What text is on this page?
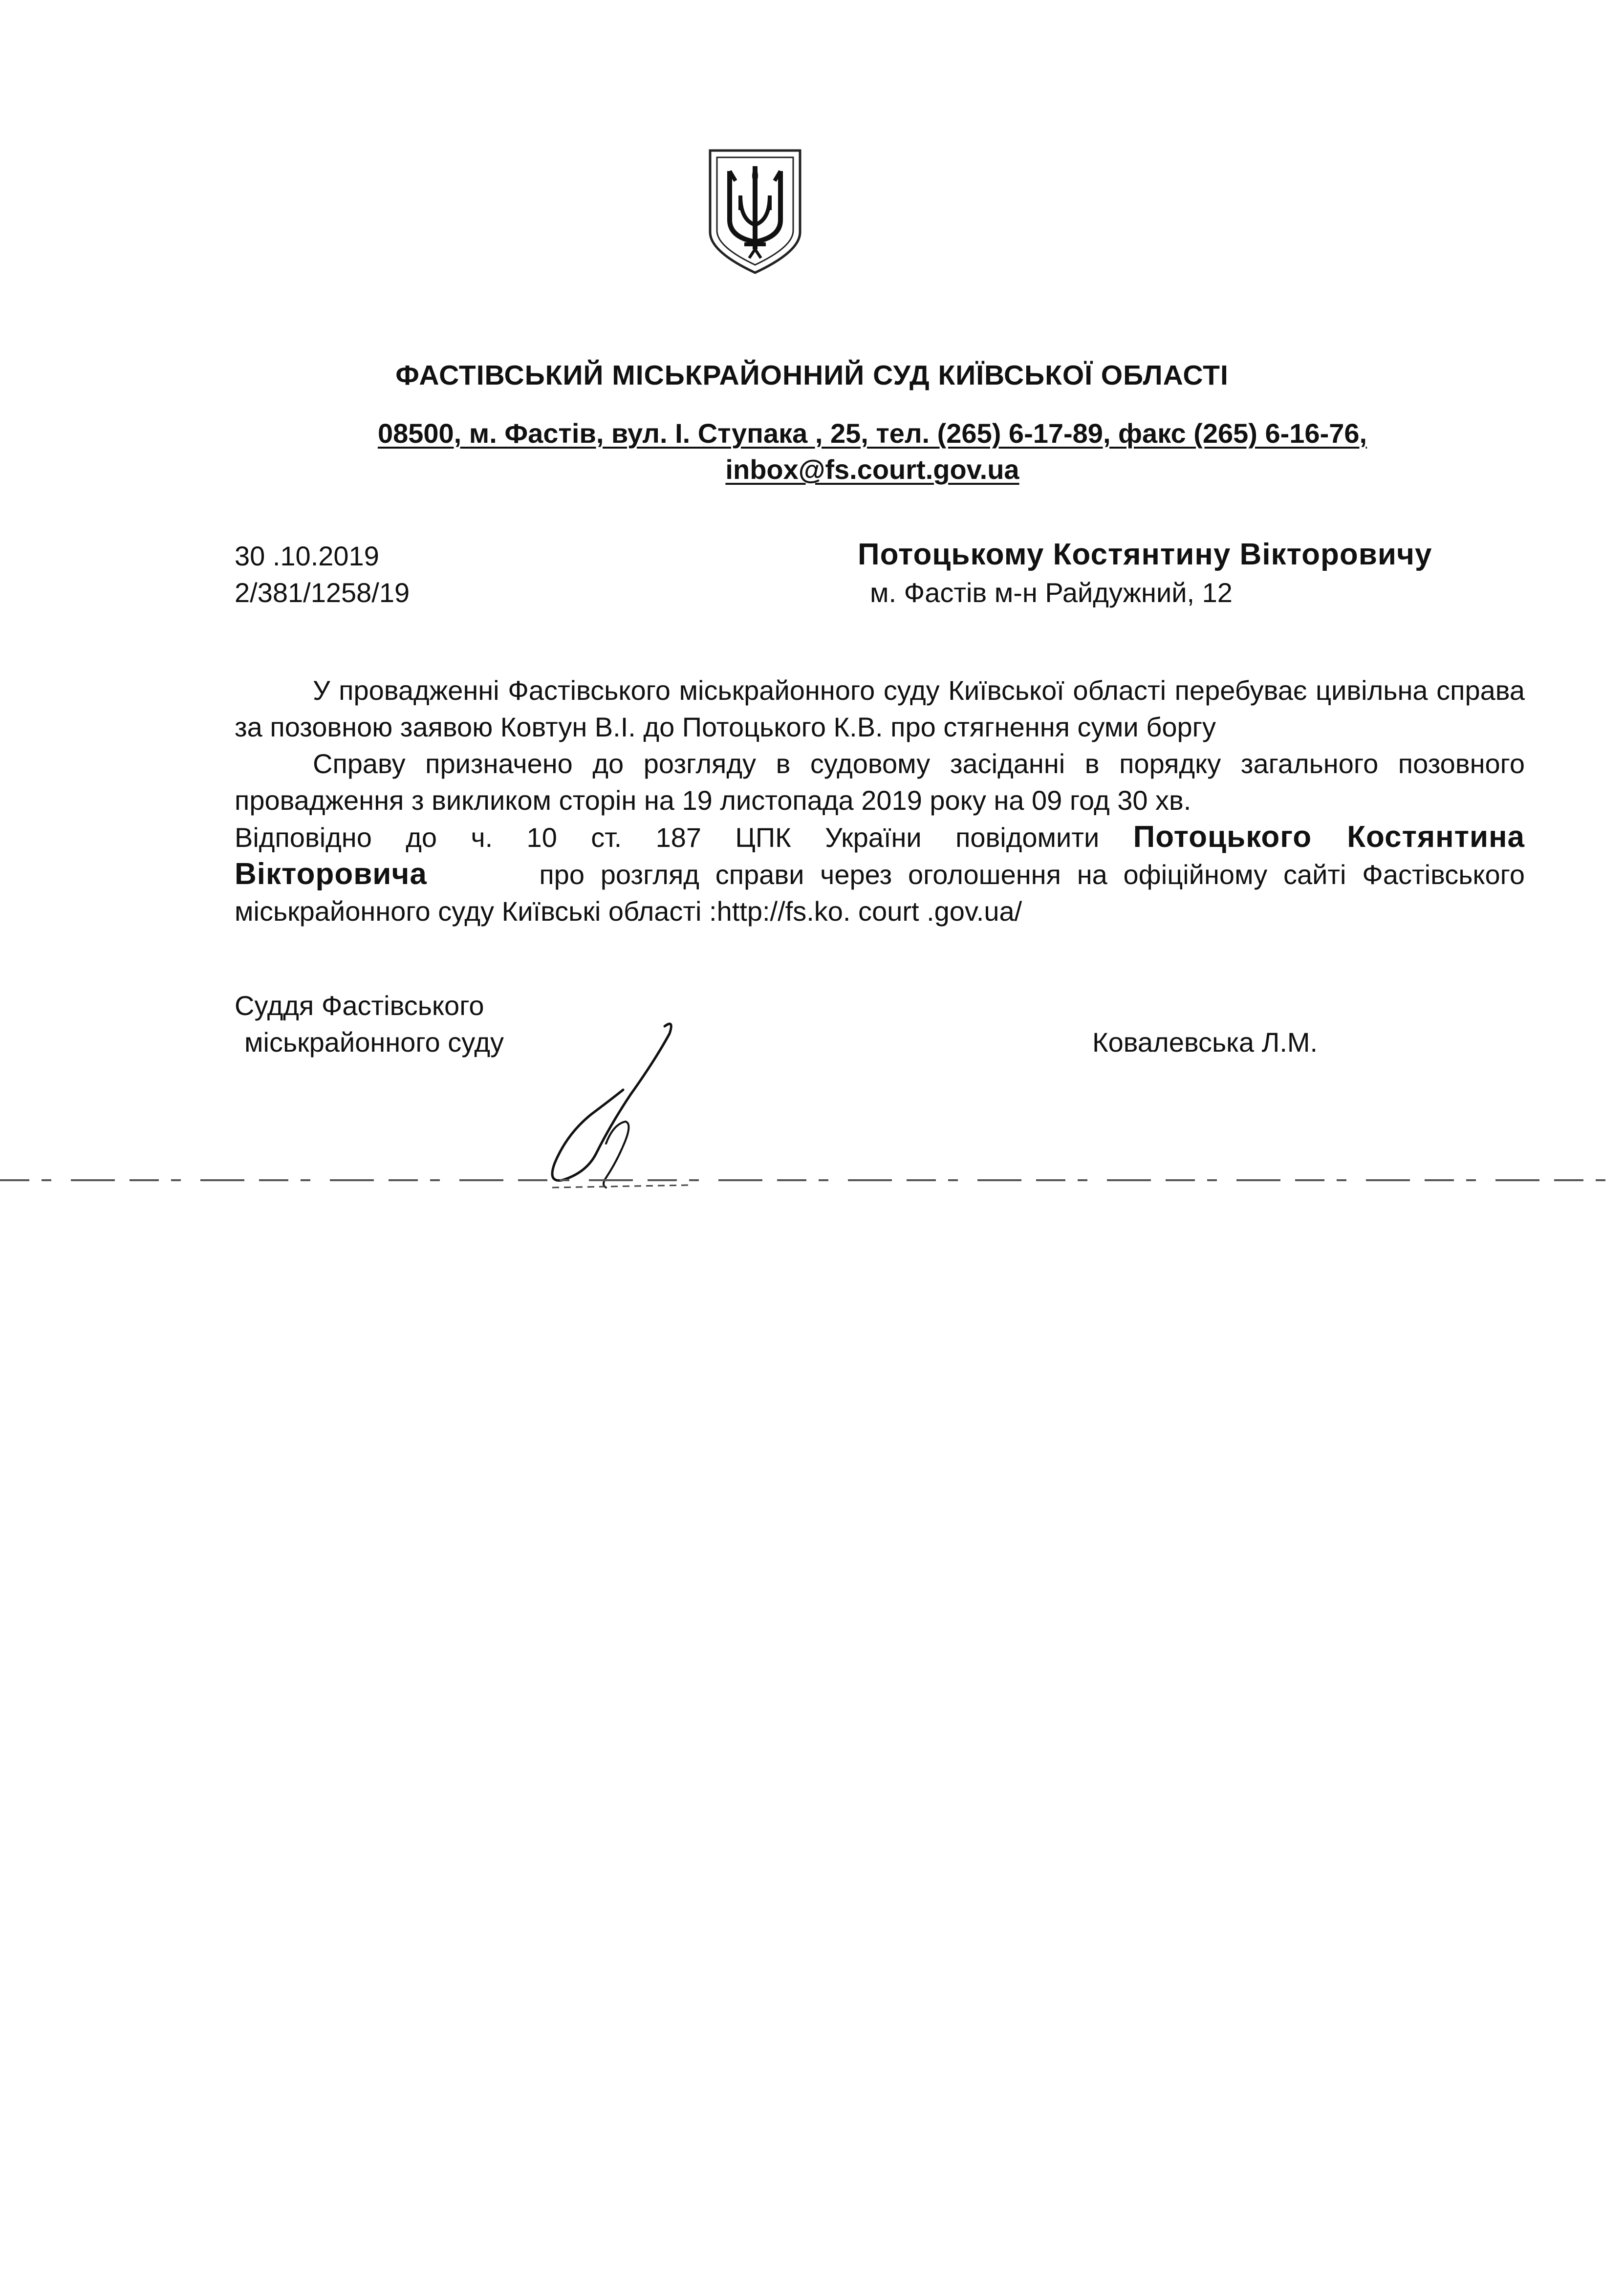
ФАСТІВСЬКИЙ МІСЬКРАЙОННИЙ СУД КИЇВСЬКОЇ ОБЛАСТІ
08500, м. Фастів, вул. І. Ступака , 25, тел. (265) 6-17-89, факс (265) 6-16-76,
inbox@fs.court.gov.ua
30 .10.2019
2/381/1258/19
Потоцькому Костянтину Вікторовичу
м. Фастів м-н Райдужний, 12

У провадженні Фастівського міськрайонного суду Київської області перебуває цивільна справа за позовною заявою Ковтун В.І. до Потоцького К.В. про стягнення суми боргу

Справу призначено до розгляду в судовому засіданні в порядку загального позовного провадження з викликом сторін на 19 листопада 2019 року на 09 год 30 хв.

Відповідно до ч. 10 ст. 187 ЦПК України повідомити Потоцького Костянтина Вікторовича	про розгляд справи через оголошення на офіційному сайті Фастівського міськрайонного суду Київські області :http://fs.ko. court .gov.ua/

Суддя Фастівського
міськрайонного суду	Ковалевська Л.М.
